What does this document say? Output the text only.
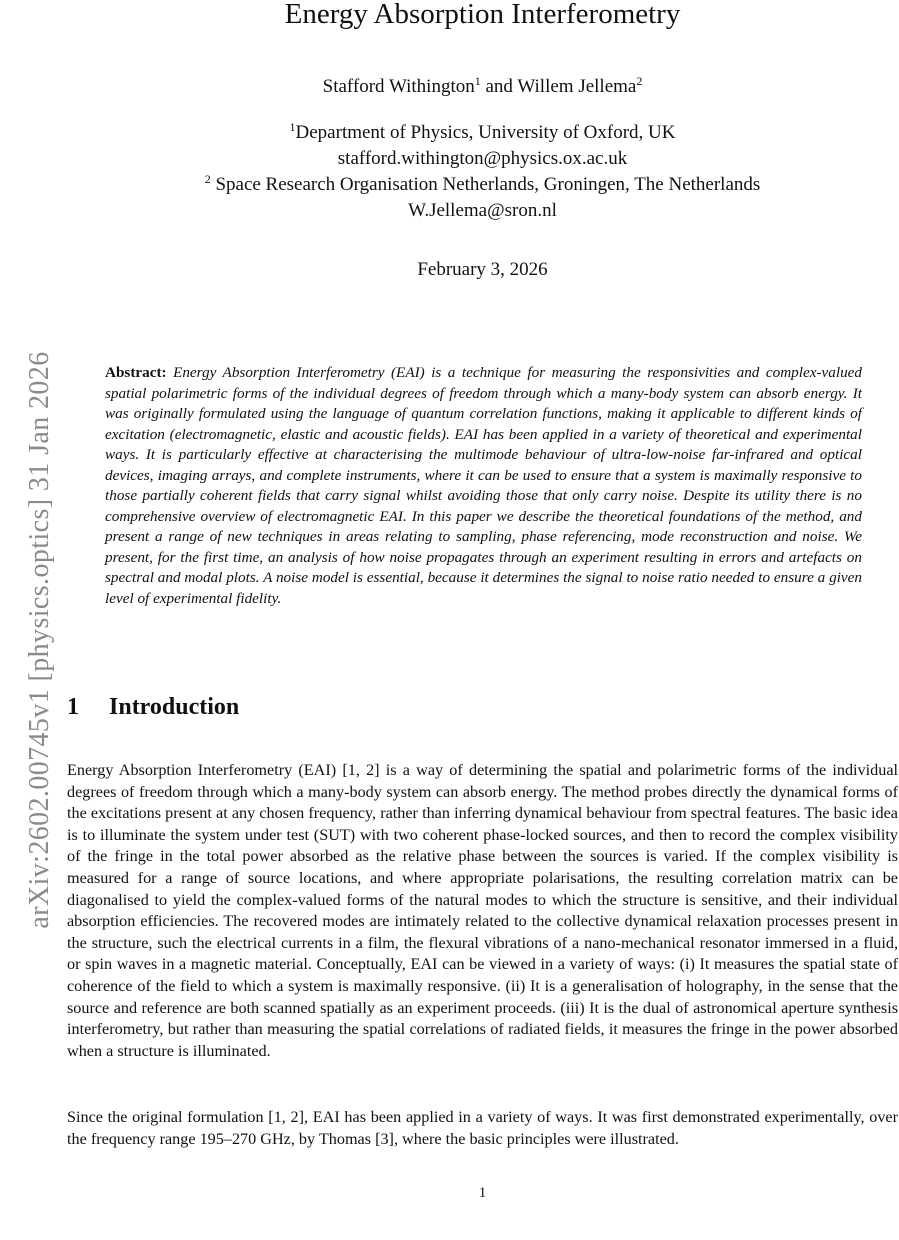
arXiv:2602.00745v1 [physics.optics] 31 Jan 2026
Energy Absorption Interferometry
Stafford Withington$^1$ and Willem Jellema$^2$
$^1$Department of Physics, University of Oxford, UK
stafford.withington@physics.ox.ac.uk
$^2$ Space Research Organisation Netherlands, Groningen, The Netherlands
W.Jellema@sron.nl
February 3, 2026
Abstract: Energy Absorption Interferometry (EAI) is a technique for measuring the responsivities and complex-valued spatial polarimetric forms of the individual degrees of freedom through which a many-body system can absorb energy. It was originally formulated using the language of quantum correlation functions, making it applicable to different kinds of excitation (electromagnetic, elastic and acoustic fields). EAI has been applied in a variety of theoretical and experimental ways. It is particularly effective at characterising the multimode behaviour of ultra-low-noise far-infrared and optical devices, imaging arrays, and complete instruments, where it can be used to ensure that a system is maximally responsive to those partially coherent fields that carry signal whilst avoiding those that only carry noise. Despite its utility there is no comprehensive overview of electromagnetic EAI. In this paper we describe the theoretical foundations of the method, and present a range of new techniques in areas relating to sampling, phase referencing, mode reconstruction and noise. We present, for the first time, an analysis of how noise propagates through an experiment resulting in errors and artefacts on spectral and modal plots. A noise model is essential, because it determines the signal to noise ratio needed to ensure a given level of experimental fidelity.
1 Introduction
Energy Absorption Interferometry (EAI) [1, 2] is a way of determining the spatial and polarimetric forms of the individual degrees of freedom through which a many-body system can absorb energy. The method probes directly the dynamical forms of the excitations present at any chosen frequency, rather than inferring dynamical behaviour from spectral features. The basic idea is to illuminate the system under test (SUT) with two coherent phase-locked sources, and then to record the complex visibility of the fringe in the total power absorbed as the relative phase between the sources is varied. If the complex visibility is measured for a range of source locations, and where appropriate polarisations, the resulting correlation matrix can be diagonalised to yield the complex-valued forms of the natural modes to which the structure is sensitive, and their individual absorption efficiencies. The recovered modes are intimately related to the collective dynamical relaxation processes present in the structure, such the electrical currents in a film, the flexural vibrations of a nano-mechanical resonator immersed in a fluid, or spin waves in a magnetic material. Conceptually, EAI can be viewed in a variety of ways: (i) It measures the spatial state of coherence of the field to which a system is maximally responsive. (ii) It is a generalisation of holography, in the sense that the source and reference are both scanned spatially as an experiment proceeds. (iii) It is the dual of astronomical aperture synthesis interferometry, but rather than measuring the spatial correlations of radiated fields, it measures the fringe in the power absorbed when a structure is illuminated.
Since the original formulation [1, 2], EAI has been applied in a variety of ways. It was first demonstrated experimentally, over the frequency range 195–270 GHz, by Thomas [3], where the basic principles were illustrated.
1
